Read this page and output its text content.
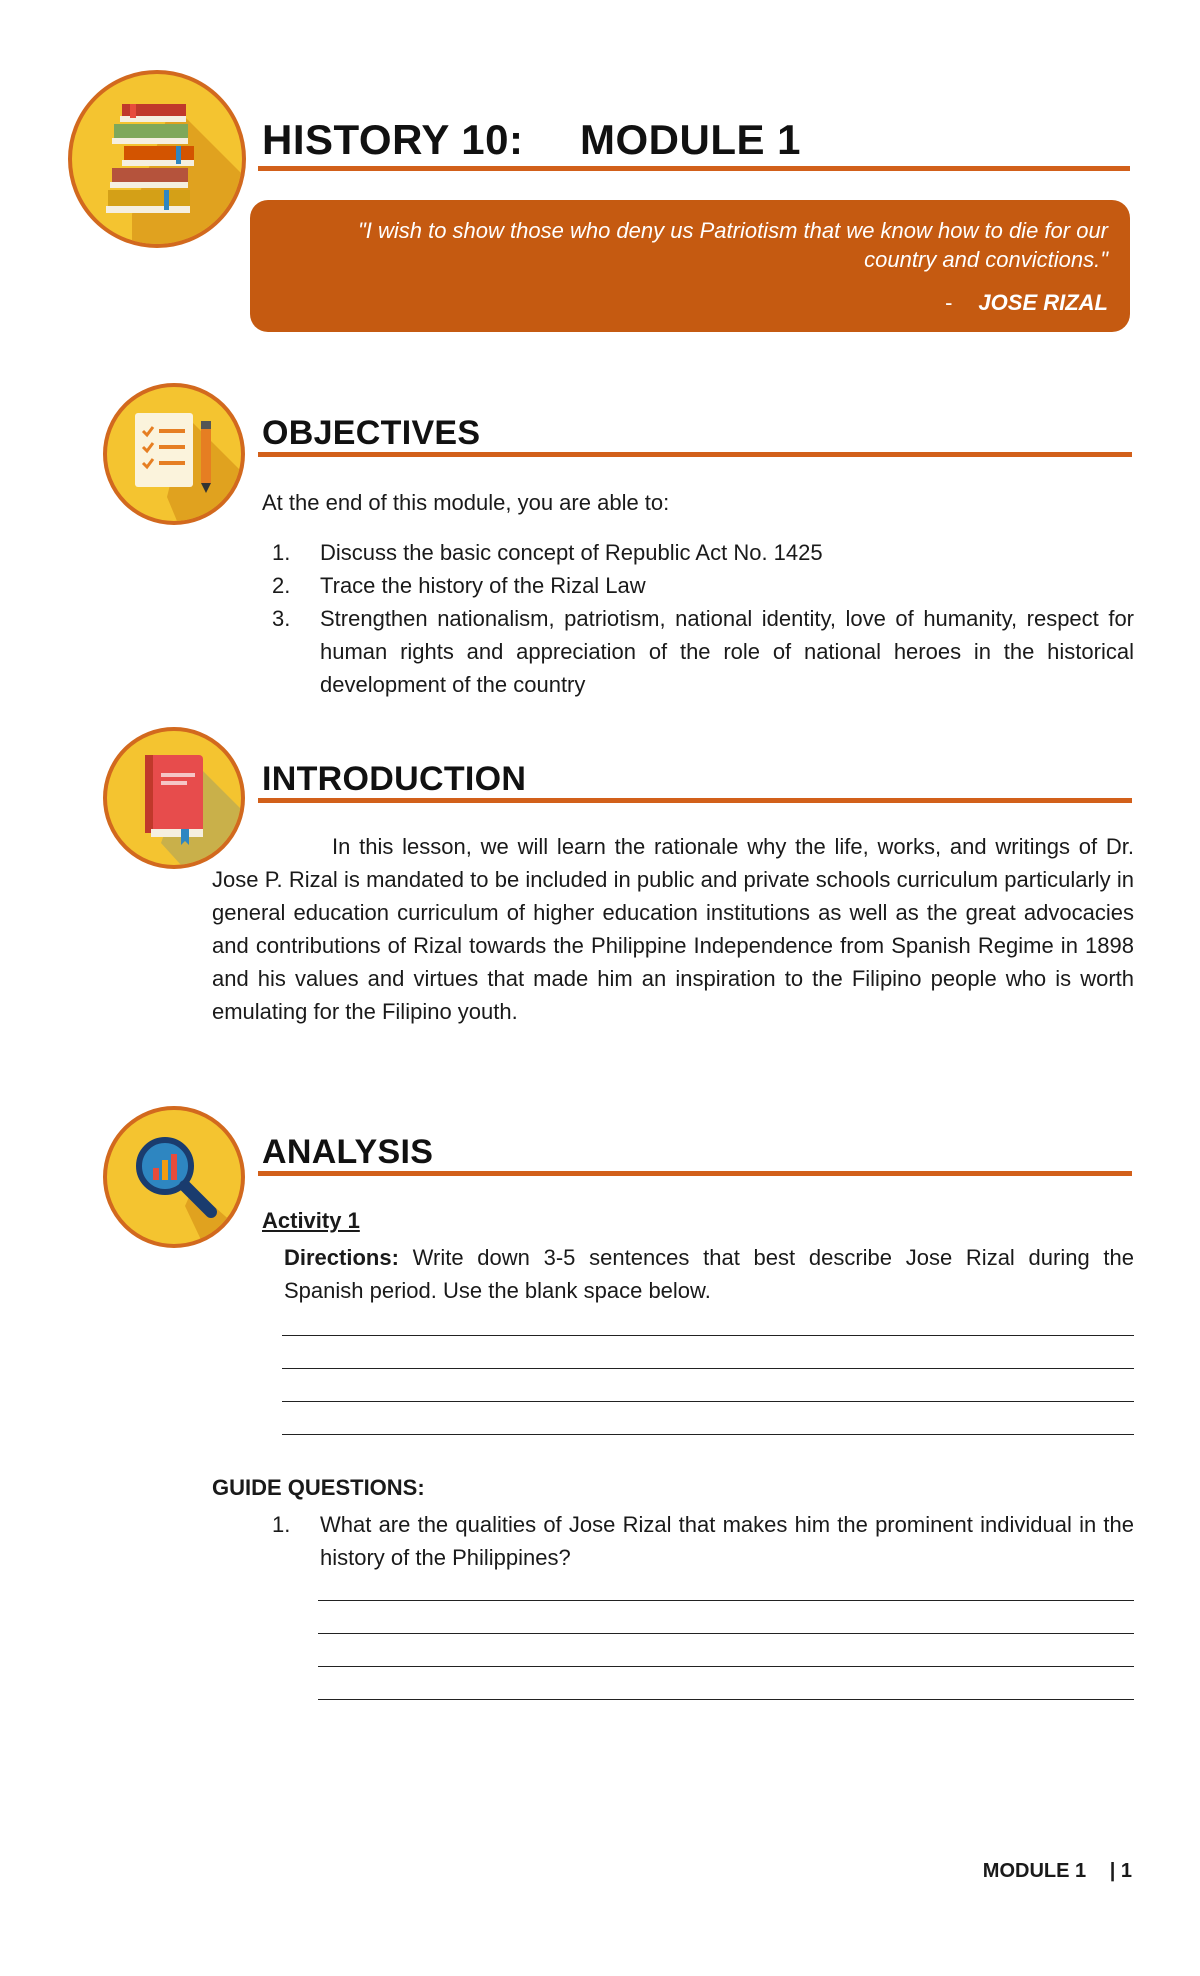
HISTORY 10: MODULE 1
"I wish to show those who deny us Patriotism that we know how to die for our country and convictions."
- JOSE RIZAL
OBJECTIVES
At the end of this module, you are able to:
1.	Discuss the basic concept of Republic Act No. 1425
2.	Trace the history of the Rizal Law
3.	Strengthen nationalism, patriotism, national identity, love of humanity, respect for human rights and appreciation of the role of national heroes in the historical development of the country
INTRODUCTION
In this lesson, we will learn the rationale why the life, works, and writings of Dr. Jose P. Rizal is mandated to be included in public and private schools curriculum particularly in general education curriculum of higher education institutions as well as the great advocacies and contributions of Rizal towards the Philippine Independence from Spanish Regime in 1898 and his values and virtues that made him an inspiration to the Filipino people who is worth emulating for the Filipino youth.
ANALYSIS
Activity 1
Directions: Write down 3-5 sentences that best describe Jose Rizal during the Spanish period. Use the blank space below.
GUIDE QUESTIONS:
1.	What are the qualities of Jose Rizal that makes him the prominent individual in the history of the Philippines?
MODULE 1 | 1
